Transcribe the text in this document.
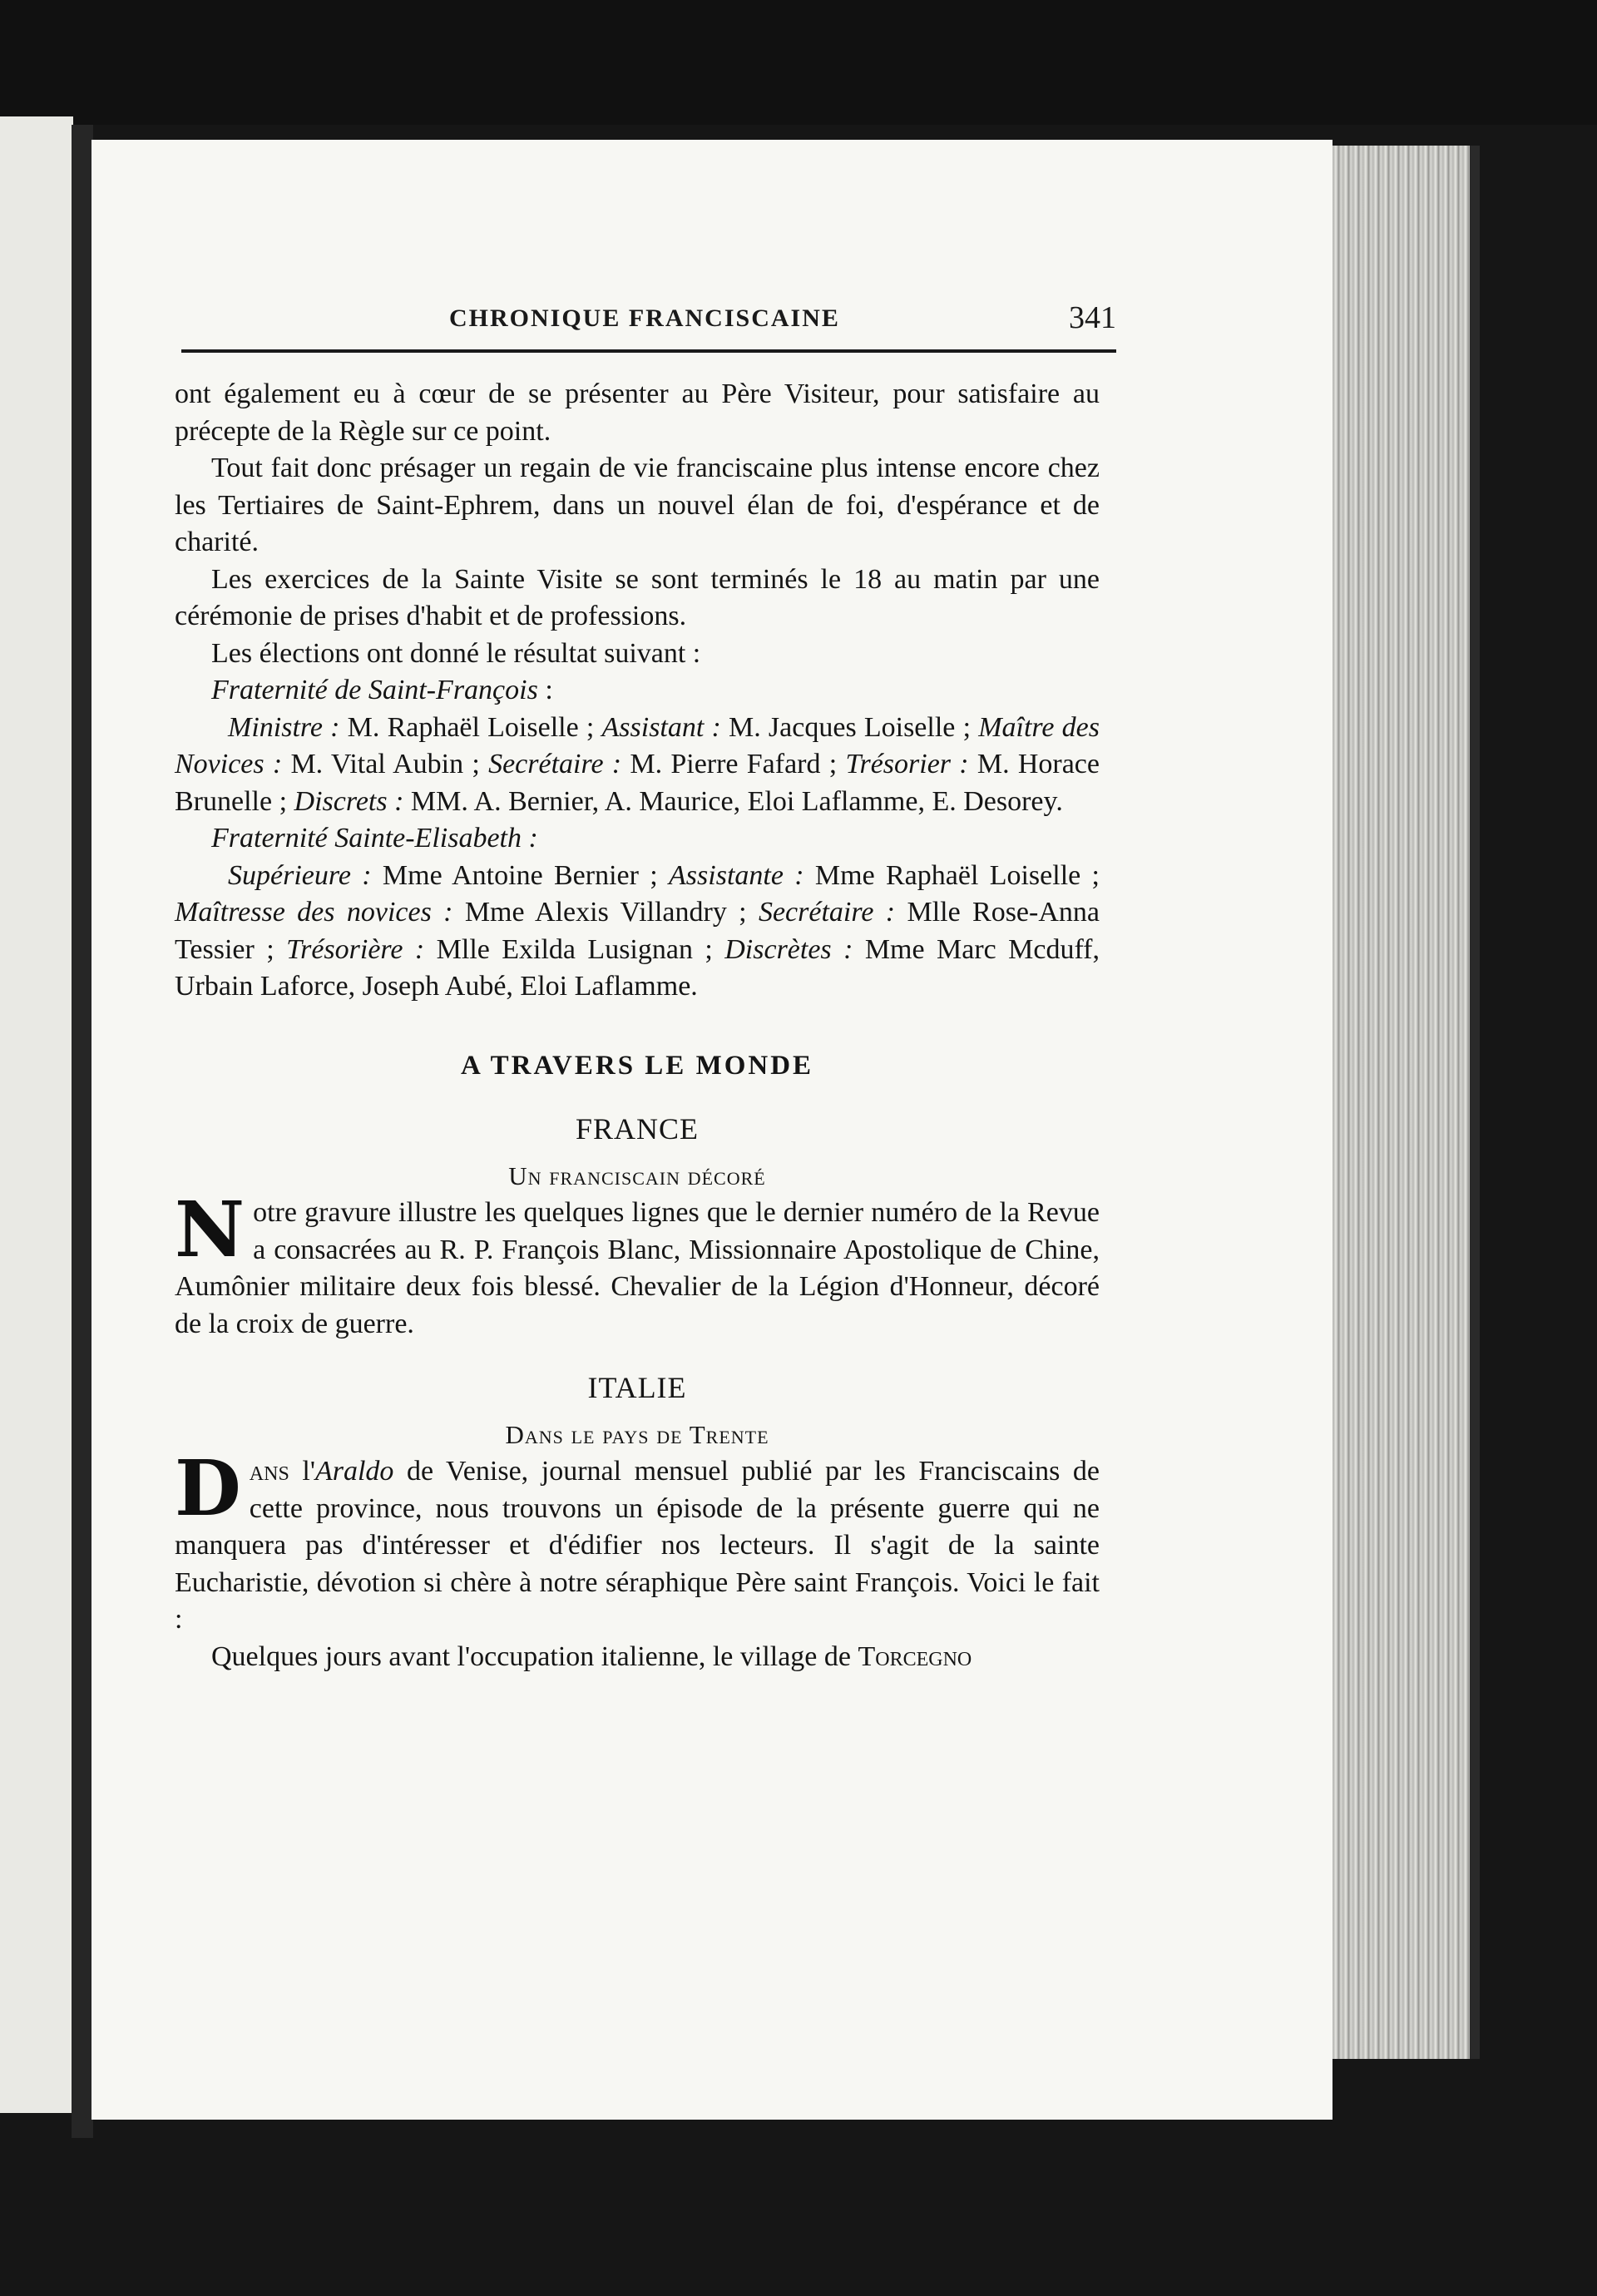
CHRONIQUE FRANCISCAINE	341

ont également eu à cœur de se présenter au Père Visiteur, pour satisfaire au précepte de la Règle sur ce point.

Tout fait donc présager un regain de vie franciscaine plus intense encore chez les Tertiaires de Saint-Ephrem, dans un nouvel élan de foi, d'espérance et de charité.

Les exercices de la Sainte Visite se sont terminés le 18 au matin par une cérémonie de prises d'habit et de professions.

Les élections ont donné le résultat suivant :

Fraternité de Saint-François :

Ministre : M. Raphaël Loiselle ; Assistant : M. Jacques Loiselle ; Maître des Novices : M. Vital Aubin ; Secrétaire : M. Pierre Fafard ; Trésorier : M. Horace Brunelle ; Discrets : MM. A. Bernier, A. Maurice, Eloi Laflamme, E. Desorey.

Fraternité Sainte-Elisabeth :

Supérieure : Mme Antoine Bernier ; Assistante : Mme Raphaël Loiselle ; Maîtresse des novices : Mme Alexis Villandry ; Secrétaire : Mlle Rose-Anna Tessier ; Trésorière : Mlle Exilda Lusignan ; Discrètes : Mme Marc Mcduff, Urbain Laforce, Joseph Aubé, Eloi Laflamme.

A TRAVERS LE MONDE
FRANCE
Un franciscain décoré

Notre gravure illustre les quelques lignes que le dernier numéro de la Revue a consacrées au R. P. François Blanc, Missionnaire Apostolique de Chine, Aumônier militaire deux fois blessé. Chevalier de la Légion d'Honneur, décoré de la croix de guerre.

ITALIE
Dans le pays de Trente

Dans l'Araldo de Venise, journal mensuel publié par les Franciscains de cette province, nous trouvons un épisode de la présente guerre qui ne manquera pas d'intéresser et d'édifier nos lecteurs. Il s'agit de la sainte Eucharistie, dévotion si chère à notre séraphique Père saint François. Voici le fait :

Quelques jours avant l'occupation italienne, le village de Torcegno
